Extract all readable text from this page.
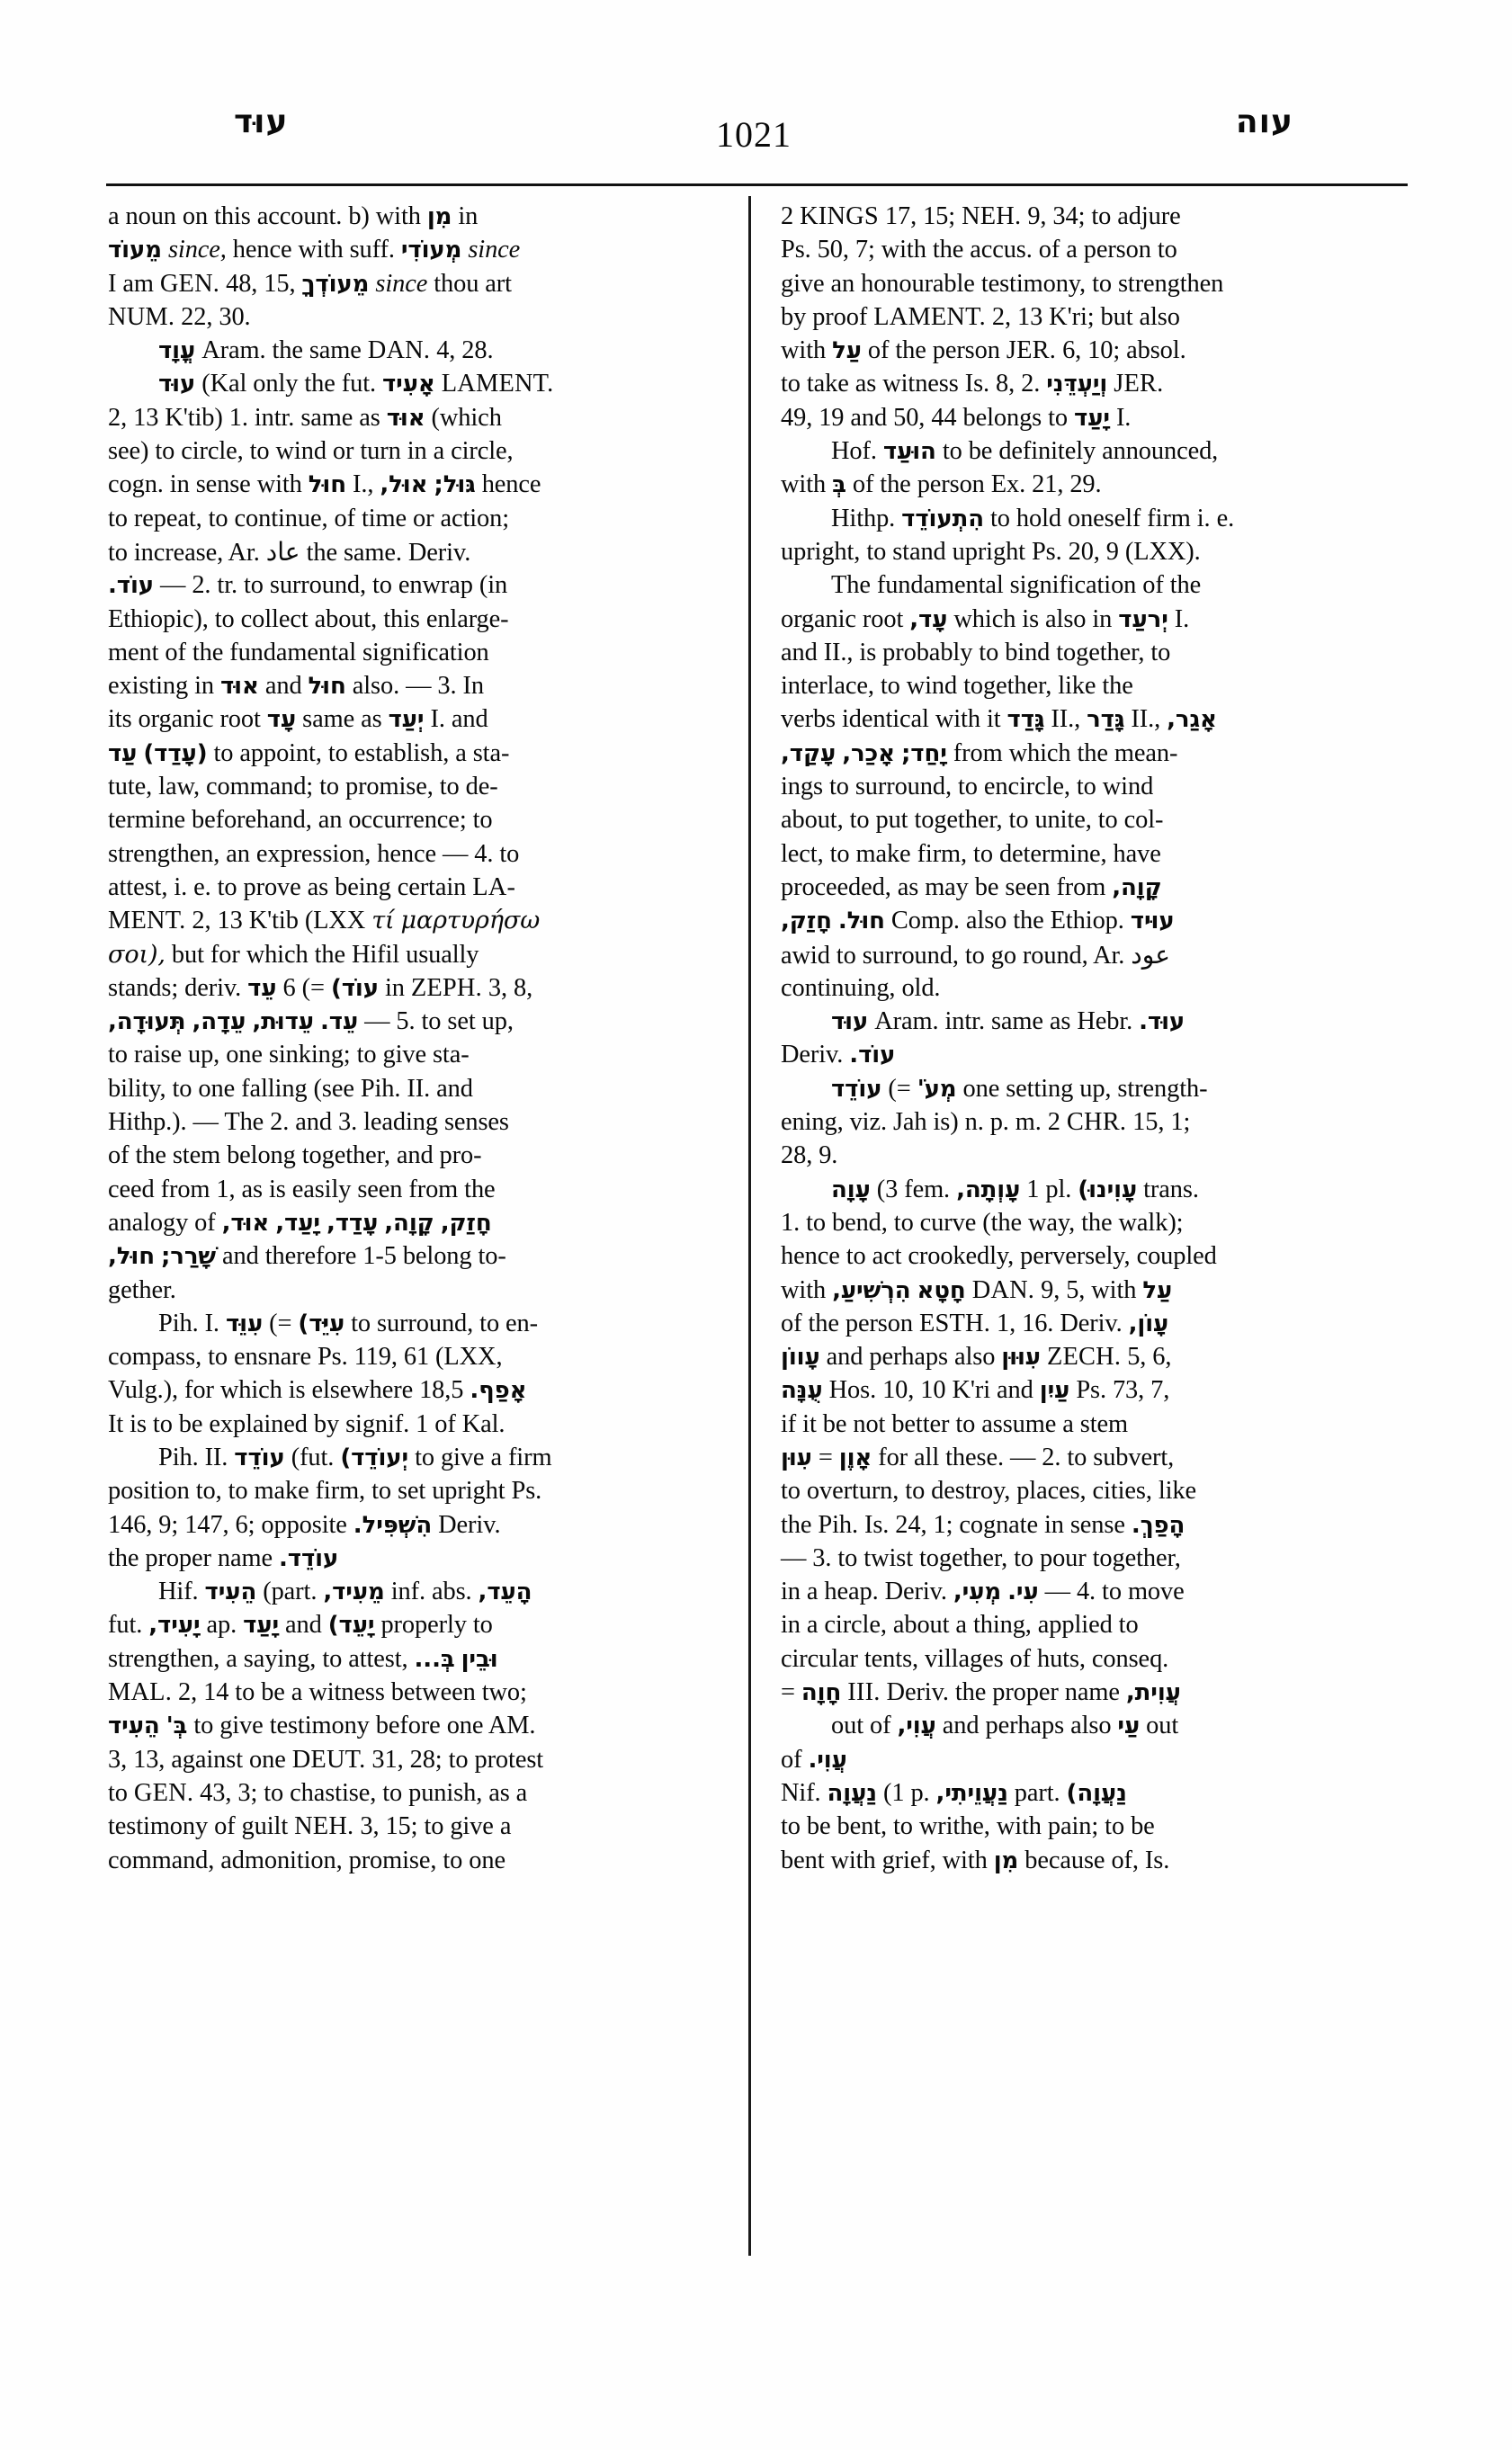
עוּד	1021	עוה
a noun on this account. b) with מִן in
מֵעוֹד since, hence with suff. מְעוֹדִי since
I am GEN. 48, 15, מֵעוֹדְךָ since thou art
NUM. 22, 30.
עֳוָד Aram. the same DAN. 4, 28.
עוּד (Kal only the fut. אָעִיד LAMENT.
2, 13 K'tib) 1. intr. same as אוּד (which
see) to circle, to wind or turn in a circle,
cogn. in sense with חוּל I., אוּל, גּוּל; hence
to repeat, to continue, of time or action;
to increase, Ar. عاد the same. Deriv.
עוֹד. — 2. tr. to surround, to enwrap (in
Ethiopic), to collect about, this enlarge-
ment of the fundamental signification
existing in אוּד and חוּל also. — 3. In
its organic root עָד same as יְעַד I. and
עַד (עָדַד) to appoint, to establish, a sta-
tute, law, command; to promise, to de-
termine beforehand, an occurrence; to
strengthen, an expression, hence — 4. to
attest, i. e. to prove as being certain LA-
MENT. 2, 13 K'tib (LXX τί μαρτυρήσω
σοι), but for which the Hifil usually
stands; deriv. עֵד 6 (= עוֹד) in ZEPH. 3, 8,
תְּעוּדָה, עֵדָה, עֵדוּת, עֵד. — 5. to set up,
to raise up, one sinking; to give sta-
bility, to one falling (see Pih. II. and
Hithp.). — The 2. and 3. leading senses
of the stem belong together, and pro-
ceed from 1, as is easily seen from the
analogy of אוּד, יָעַד, עָדַד, קָוָה, חָזַק,
חוּל, שָׁרַר; and therefore 1-5 belong to-
gether.
Pih. I. עִוֵּד (= עִיֵּד) to surround, to en-
compass, to ensnare Ps. 119, 61 (LXX,
Vulg.), for which is elsewhere 18,5 אָפַף.
It is to be explained by signif. 1 of Kal.
Pih. II. עוֹדֵד (fut. יְעוֹדֵד) to give a firm
position to, to make firm, to set upright Ps.
146, 9; 147, 6; opposite הִשְׁפִּיל. Deriv.
the proper name עוֹדֵד.
Hif. הֵעִיד (part. מֵעִיד, inf. abs. הָעֵד,
fut. יָעִיד, ap. יָעַד and יָעֵד) properly to
strengthen, a saying, to attest, בְּ... וּבֵין
MAL. 2, 14 to be a witness between two;
הֵעִיד בְּ' to give testimony before one AM.
3, 13, against one DEUT. 31, 28; to protest
to GEN. 43, 3; to chastise, to punish, as a
testimony of guilt NEH. 3, 15; to give a
command, admonition, promise, to one
2 KINGS 17, 15; NEH. 9, 34; to adjure
Ps. 50, 7; with the accus. of a person to
give an honourable testimony, to strengthen
by proof LAMENT. 2, 13 K'ri; but also
with עַל of the person JER. 6, 10; absol.
to take as witness Is. 8, 2. וְיַעְדֵּנִי JER.
49, 19 and 50, 44 belongs to יָעַד I.
Hof. הוּעַד to be definitely announced,
with בְּ of the person Ex. 21, 29.
Hithp. הִתְעוֹדֵד to hold oneself firm i. e.
upright, to stand upright Ps. 20, 9 (LXX).
The fundamental signification of the
organic root עָד, which is also in יְרעַד I.
and II., is probably to bind together, to
interlace, to wind together, like the
verbs identical with it גָּדַד II., גָּדַר II., אָגַר,
עָקַד, אָכַר, יָחַד; from which the mean-
ings to surround, to encircle, to wind
about, to put together, to unite, to col-
lect, to make firm, to determine, have
proceeded, as may be seen from קָוָה,
חָזַק, חוּל. Comp. also the Ethiop. עוּיד
awid to surround, to go round, Ar. عود
continuing, old.
עוּד Aram. intr. same as Hebr. עוּד.
Deriv. עוֹד.
עוֹדֵד (= מְעֹ' one setting up, strength-
ening, viz. Jah is) n. p. m. 2 CHR. 15, 1;
28, 9.
עָוָה (3 fem. עָוְתָה, 1 pl. עָוִינוּ) trans.
1. to bend, to curve (the way, the walk);
hence to act crookedly, perversely, coupled
with הִרְשִׁיעַ, חָטָא DAN. 9, 5, with עַל
of the person ESTH. 1, 16. Deriv. עָוֹן,
עָווֹן and perhaps also עִוּוּן ZECH. 5, 6,
עֻנָּה Hos. 10, 10 K'ri and עַיִן Ps. 73, 7,
if it be not better to assume a stem
עִוּן = אָוֶן for all these. — 2. to subvert,
to overturn, to destroy, places, cities, like
the Pih. Is. 24, 1; cognate in sense הָפַךְ.
— 3. to twist together, to pour together,
in a heap. Deriv. מְעִי, עִי. — 4. to move
in a circle, about a thing, applied to
circular tents, villages of huts, conseq.
= חָוָה III. Deriv. the proper name עֲוִית,
out of עֲוִי, and perhaps also עַי out
of עֲוִי.
Nif. נַעֲוָה (1 p. נַעֲוֵיתִי, part. נַעֲוָה)
to be bent, to writhe, with pain; to be
bent with grief, with מִן because of, Is.
